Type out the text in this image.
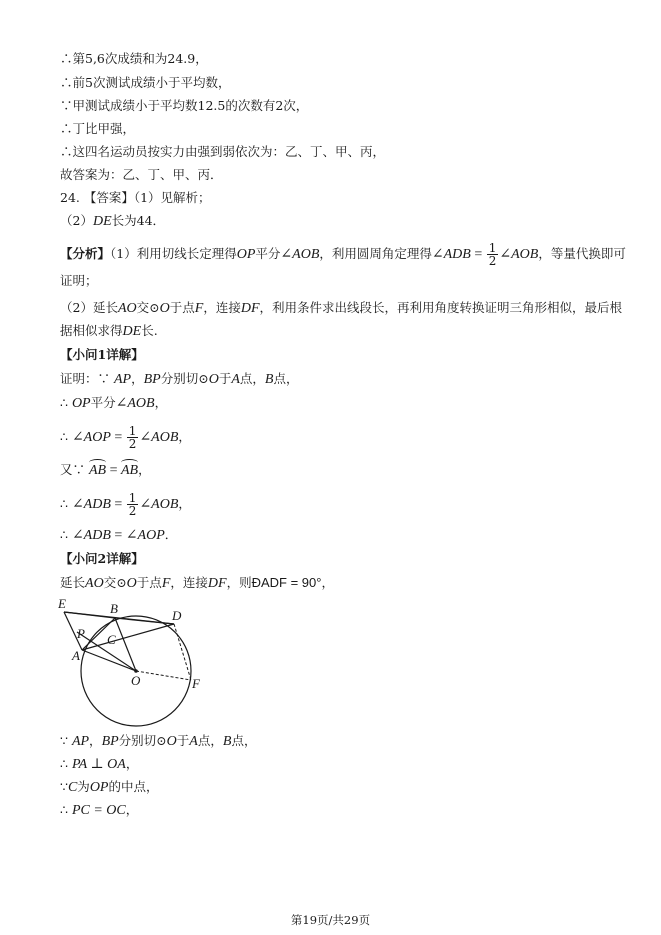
∴第5,6次成绩和为24.9，
∴前5次测试成绩小于平均数，
∵甲测试成绩小于平均数12.5的次数有2次，
∴丁比甲强，
∴这四名运动员按实力由强到弱依次为：乙、丁、甲、丙，
故答案为：乙、丁、甲、丙．
24. 【答案】（1）见解析；
（2）DE长为44．
【分析】（1）利用切线长定理得OP平分∠AOB，利用圆周角定理得∠ADB = $\frac{1}{2}$ ∠AOB，等量代换即可
证明；
（2）延长AO交⊙O于点F，连接DF，利用条件求出线段长，再利用角度转换证明三角形相似，最后根
据相似求得DE长.
【小问1详解】
证明：∵ AP，BP分别切⊙O于A点，B点，
∴ OP平分∠AOB，
∴ ∠AOP = $\frac{1}{2}$ ∠AOB，
又∵ AB = AB，
∴ ∠ADB = $\frac{1}{2}$ ∠AOB，
∴ ∠ADB = ∠AOP．
【小问2详解】
延长AO交⊙O于点F，连接DF，则ÐADF = 90°，
E	B	D
P C
A
O	F
∵ AP，BP分别切⊙O于A点，B点，
∴ PA ⊥ OA，
∵C为OP的中点，
∴ PC = OC，
第19页/共29页
